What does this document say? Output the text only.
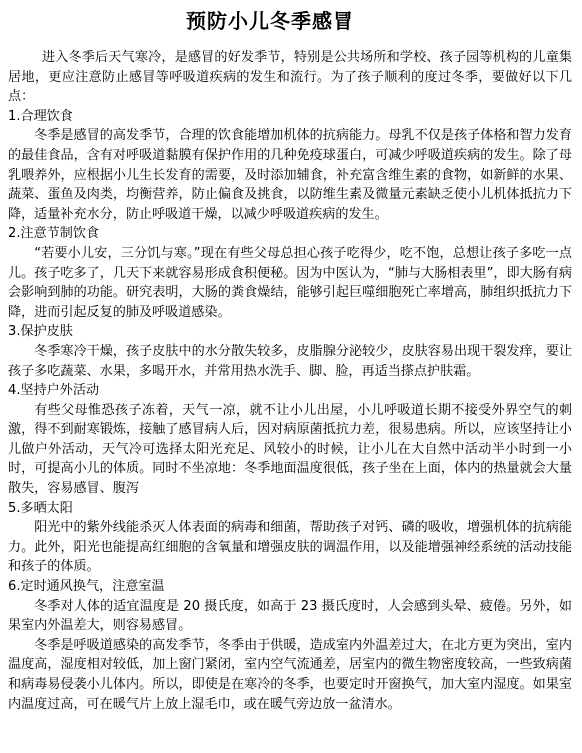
预防小儿冬季感冒

进入冬季后天气寒冷，是感冒的好发季节，特别是公共场所和学校、孩子园等机构的儿童集居地，更应注意防止感冒等呼吸道疾病的发生和流行。为了孩子顺利的度过冬季，要做好以下几点：

1.合理饮食

冬季是感冒的高发季节，合理的饮食能增加机体的抗病能力。母乳不仅是孩子体格和智力发育的最佳食品，含有对呼吸道黏膜有保护作用的几种免疫球蛋白，可减少呼吸道疾病的发生。除了母乳喂养外，应根据小儿生长发育的需要，及时添加辅食，补充富含维生素的食物，如新鲜的水果、蔬菜、蛋鱼及肉类，均衡营养，防止偏食及挑食，以防维生素及微量元素缺乏使小儿机体抵抗力下降，适量补充水分，防止呼吸道干燥，以减少呼吸道疾病的发生。

2.注意节制饮食

“若要小儿安，三分饥与寒。”现在有些父母总担心孩子吃得少，吃不饱，总想让孩子多吃一点儿。孩子吃多了，几天下来就容易形成食积便秘。因为中医认为，“肺与大肠相表里”，即大肠有病会影响到肺的功能。研究表明，大肠的粪食燥结，能够引起巨噬细胞死亡率增高，肺组织抵抗力下降，进而引起反复的肺及呼吸道感染。

3.保护皮肤

冬季寒冷干燥，孩子皮肤中的水分散失较多，皮脂腺分泌较少，皮肤容易出现干裂发痒，要让孩子多吃蔬菜、水果，多喝开水，并常用热水洗手、脚、脸，再适当搽点护肤霜。

4.坚持户外活动

有些父母惟恐孩子冻着，天气一凉，就不让小儿出屋，小儿呼吸道长期不接受外界空气的刺激，得不到耐寒锻炼，接触了感冒病人后，因对病原菌抵抗力差，很易患病。所以，应该坚持让小儿做户外活动，天气冷可选择太阳光充足、风较小的时候，让小儿在大自然中活动半小时到一小时，可提高小儿的体质。同时不坐凉地：冬季地面温度很低，孩子坐在上面，体内的热量就会大量散失，容易感冒、腹泻

5.多晒太阳

阳光中的紫外线能杀灭人体表面的病毒和细菌，帮助孩子对钙、磷的吸收，增强机体的抗病能力。此外，阳光也能提高红细胞的含氧量和增强皮肤的调温作用，以及能增强神经系统的活动技能和孩子的体质。

6.定时通风换气，注意室温

冬季对人体的适宜温度是 20 摄氏度，如高于 23 摄氏度时，人会感到头晕、疲倦。另外，如果室内外温差大，则容易感冒。

冬季是呼吸道感染的高发季节，冬季由于供暖，造成室内外温差过大，在北方更为突出，室内温度高，湿度相对较低，加上窗门紧闭，室内空气流通差，居室内的微生物密度较高，一些致病菌和病毒易侵袭小儿体内。所以，即使是在寒冷的冬季，也要定时开窗换气，加大室内湿度。如果室内温度过高，可在暖气片上放上湿毛巾，或在暖气旁边放一盆清水。
